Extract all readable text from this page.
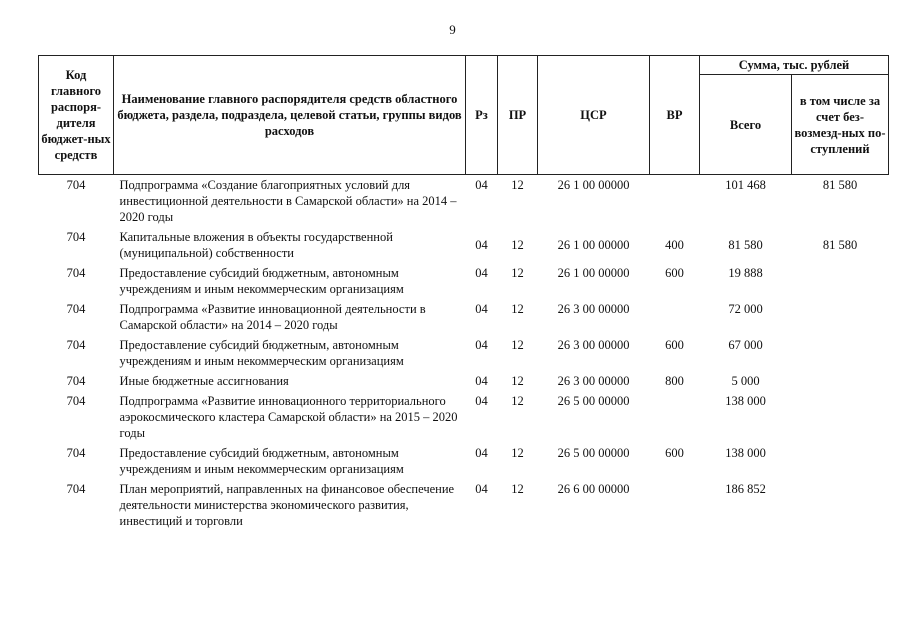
9
Код главного распоря-дителя бюджет-ных средств	Наименование главного распорядителя средств областного бюджета, раздела, подраздела, целевой статьи, группы видов расходов	Рз	ПР	ЦСР	ВР	Сумма, тыс. рублей	
						Всего	в том числе за счет без-возмезд-ных по-ступлений
704	Подпрограмма «Создание благоприятных условий для инвестиционной деятельности в Самарской области» на 2014 – 2020 годы	04	12	26 1 00 00000		101 468	81 580
704	Капитальные вложения в объекты государственной (муниципальной) собственности	04	12	26 1 00 00000	400	81 580	81 580
704	Предоставление субсидий бюджетным, автономным учреждениям и иным некоммерческим организациям	04	12	26 1 00 00000	600	19 888	
704	Подпрограмма «Развитие инновационной деятельности в Самарской области» на 2014 – 2020 годы	04	12	26 3 00 00000		72 000	
704	Предоставление субсидий бюджетным, автономным учреждениям и иным некоммерческим организациям	04	12	26 3 00 00000	600	67 000	
704	Иные бюджетные ассигнования	04	12	26 3 00 00000	800	5 000	
704	Подпрограмма «Развитие инновационного территориального аэрокосмического кластера Самарской области» на 2015 – 2020 годы	04	12	26 5 00 00000		138 000	
704	Предоставление субсидий бюджетным, автономным учреждениям и иным некоммерческим организациям	04	12	26 5 00 00000	600	138 000	
704	План мероприятий, направленных на финансовое обеспечение деятельности министерства экономического развития, инвестиций и торговли	04	12	26 6 00 00000		186 852	
